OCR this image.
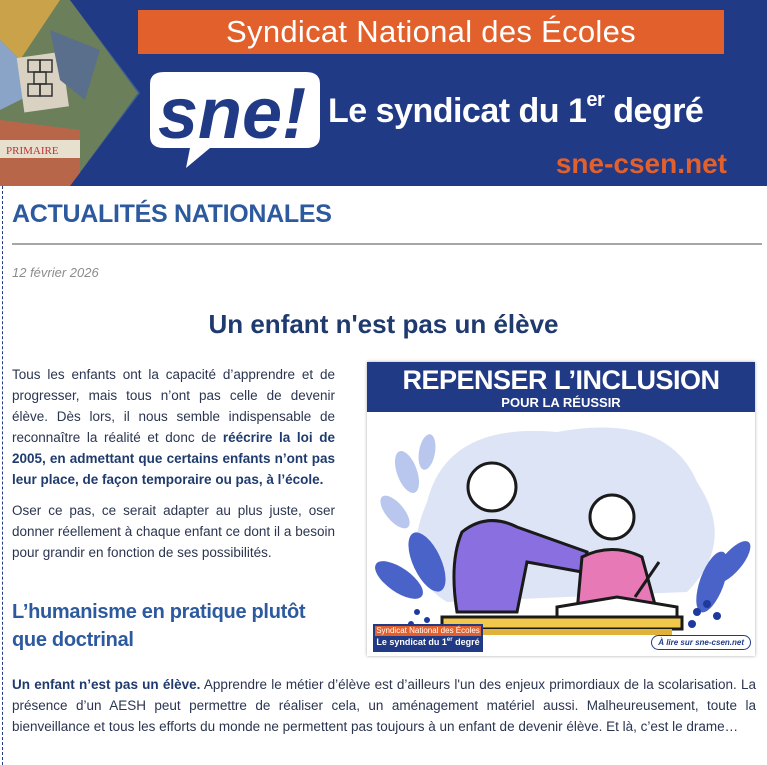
PRIMAIRE
Syndicat National des Écoles
sne! Le syndicat du 1er degré
sne-csen.net
ACTUALITÉS NATIONALES
12 février 2026
Un enfant n'est pas un élève
Tous les enfants ont la capacité d’apprendre et de progresser, mais tous n’ont pas celle de devenir élève. Dès lors, il nous semble indispensable de reconnaître la réalité et donc de réécrire la loi de 2005, en admettant que certains enfants n’ont pas leur place, de façon temporaire ou pas, à l’école.
Oser ce pas, ce serait adapter au plus juste, oser donner réellement à chaque enfant ce dont il a besoin pour grandir en fonction de ses possibilités.
L’humanisme en pratique plutôt que doctrinal
Un enfant n’est pas un élève. Apprendre le métier d’élève est d’ailleurs l'un des enjeux primordiaux de la scolarisation. La présence d’un AESH peut permettre de réaliser cela, un aménagement matériel aussi. Malheureusement, toute la bienveillance et tous les efforts du monde ne permettent pas toujours à un enfant de devenir élève. Et là, c’est le drame…
REPENSER L’INCLUSION
POUR LA RÉUSSIR
Syndicat National des Écoles
Le syndicat du 1er degré	À lire sur sne-csen.net
